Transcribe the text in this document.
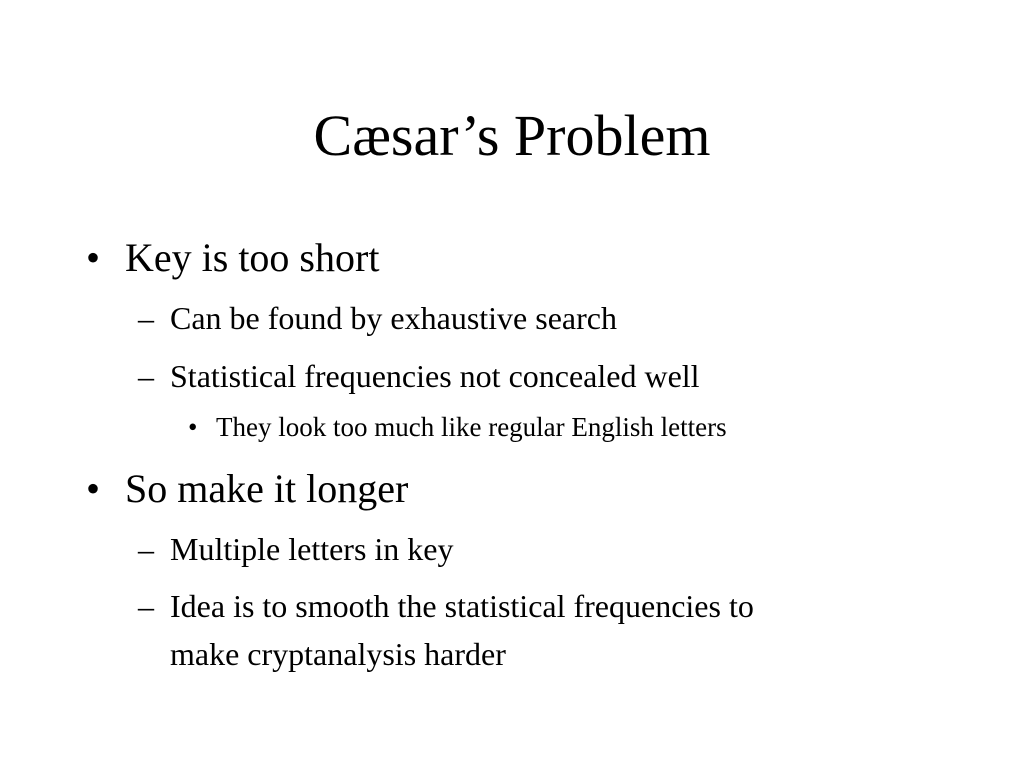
Cæsar’s Problem
• Key is too short
– Can be found by exhaustive search
– Statistical frequencies not concealed well
• They look too much like regular English letters
• So make it longer
– Multiple letters in key
– Idea is to smooth the statistical frequencies to
make cryptanalysis harder
